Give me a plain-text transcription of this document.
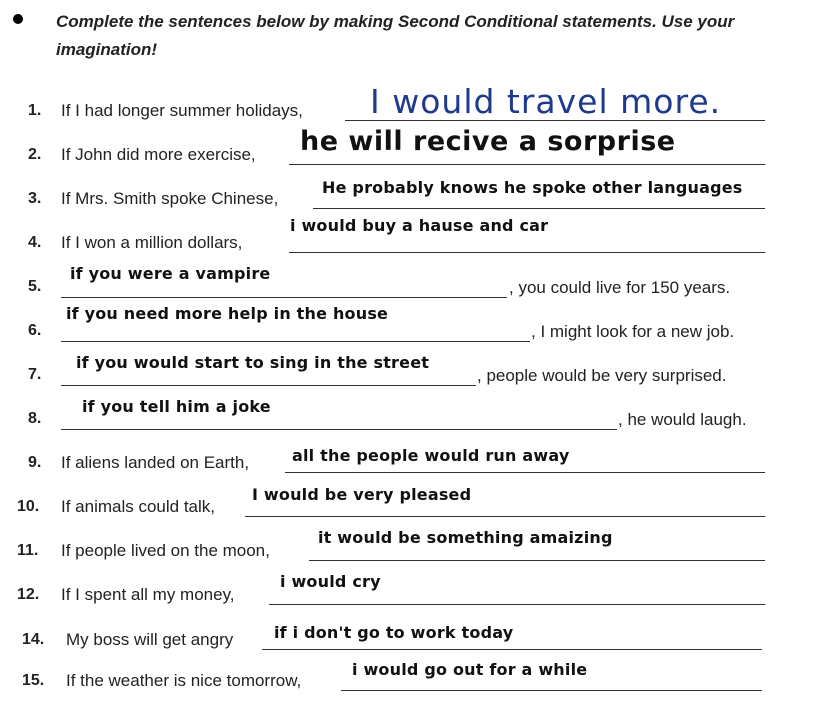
Complete the sentences below by making Second Conditional statements. Use your imagination!
1. If I had longer summer holidays, I would travel more.
2. If John did more exercise, he will recive a sorprise
3. If Mrs. Smith spoke Chinese,
He probably knows he spoke other languages
4. If I won a million dollars,
i would buy a hause and car
5.
if you were a vampire
, you could live for 150 years.
6.
if you need more help in the house
, I might look for a new job.
7.
if you would start to sing in the street
, people would be very surprised.
8.
if you tell him a joke
, he would laugh.
9. If aliens landed on Earth,	all the people would run away
10. If animals could talk,
I would be very pleased
11. If people lived on the moon,
it would be something amaizing
12. If I spent all my money,
i would cry
14. My boss will get angry	if i don't go to work today
15. If the weather is nice tomorrow,
i would go out for a while
